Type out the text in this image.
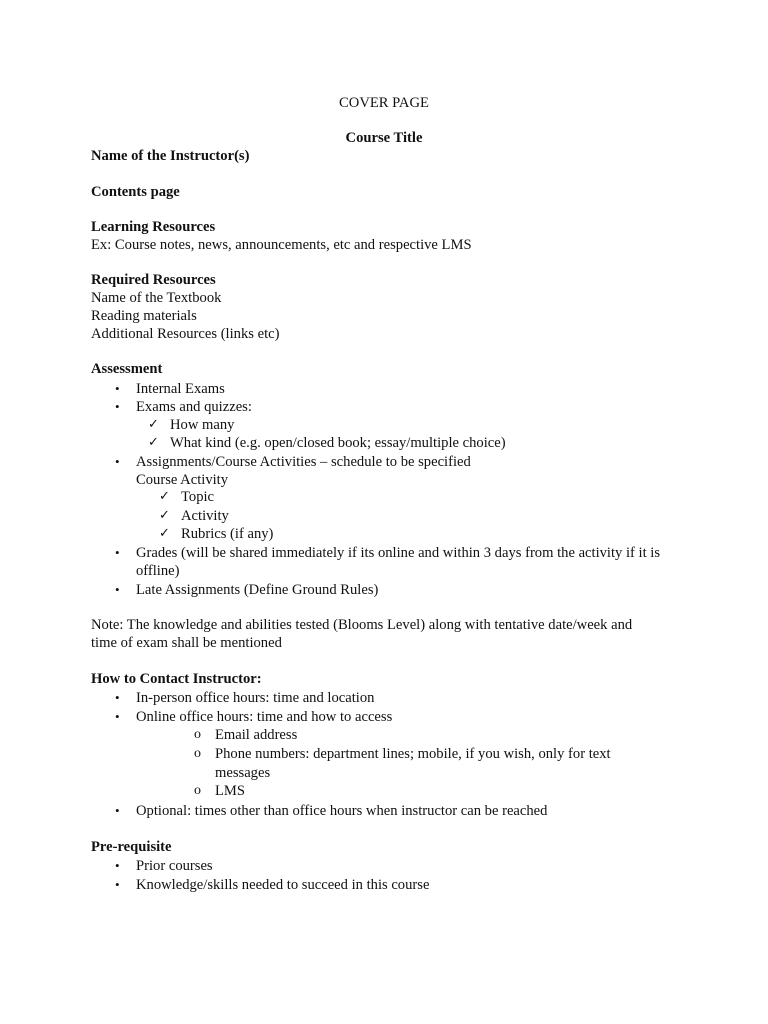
COVER PAGE
Course Title
Name of the Instructor(s)
Contents page
Learning Resources
Ex: Course notes, news, announcements, etc and respective LMS
Required Resources
Name of the Textbook
Reading materials
Additional Resources (links etc)
Assessment
• Internal Exams
• Exams and quizzes:
✓ How many
✓ What kind (e.g. open/closed book; essay/multiple choice)
• Assignments/Course Activities – schedule to be specified
Course Activity
✓ Topic
✓ Activity
✓ Rubrics (if any)
• Grades (will be shared immediately if its online and within 3 days from the activity if it is
offline)
• Late Assignments (Define Ground Rules)
Note: The knowledge and abilities tested (Blooms Level) along with tentative date/week and
time of exam shall be mentioned
How to Contact Instructor:
• In-person office hours: time and location
• Online office hours: time and how to access
o Email address
o Phone numbers: department lines; mobile, if you wish, only for text
messages
o LMS
• Optional: times other than office hours when instructor can be reached
Pre-requisite
• Prior courses
• Knowledge/skills needed to succeed in this course
